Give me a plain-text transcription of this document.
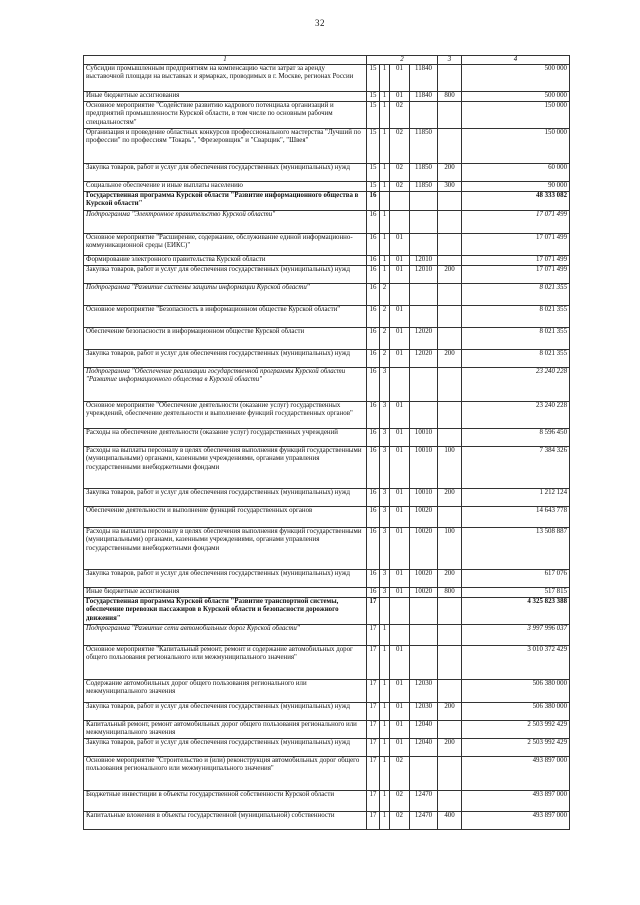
32
1	2				3	4
Субсидии промышленным предприятиям на компенсацию части затрат за аренду выставочной площади на выставках и ярмарках, проводимых в г. Москве, регионах России	15	1	01	11840		500 000
Иные бюджетные ассигнования	15	1	01	11840	800	500 000
Основное мероприятие "Содействие развитию кадрового потенциала организаций и предприятий промышленности Курской области, в том числе по основным рабочим специальностям"	15	1	02			150 000
Организация и проведение областных конкурсов профессионального мастерства "Лучший по профессии" по профессиям "Токарь", "Фрезеровщик" и "Сварщик", "Швея"	15	1	02	11850		150 000
Закупка товаров, работ и услуг для обеспечения государственных (муниципальных) нужд	15	1	02	11850	200	60 000
Социальное обеспечение и иные выплаты населению	15	1	02	11850	300	90 000
Государственная программа Курской области "Развитие информационного общества в Курской области"	16					48 333 082
Подпрограмма "Электронное правительство Курской области"	16	1				17 071 499
Основное мероприятие "Расширение, содержание, обслуживание единой информационно-коммуникационной среды (ЕИКС)"	16	1	01			17 071 499
Формирование электронного правительства Курской области	16	1	01	12010		17 071 499
Закупка товаров, работ и услуг для обеспечения государственных (муниципальных) нужд	16	1	01	12010	200	17 071 499
Подпрограмма "Развитие системы защиты информации Курской области"	16	2				8 021 355
Основное мероприятие "Безопасность в информационном обществе Курской области"	16	2	01			8 021 355
Обеспечение безопасности в информационном обществе Курской области	16	2	01	12020		8 021 355
Закупка товаров, работ и услуг для обеспечения государственных (муниципальных) нужд	16	2	01	12020	200	8 021 355
Подпрограмма "Обеспечение реализации государственной программы Курской области "Развитие информационного общества в Курской области"	16	3				23 240 228
Основное мероприятие "Обеспечение деятельности (оказание услуг) государственных учреждений, обеспечение деятельности и выполнение функций государственных органов"	16	3	01			23 240 228
Расходы на обеспечение деятельности (оказание услуг) государственных учреждений	16	3	01	10010		8 596 450
Расходы на выплаты персоналу в целях обеспечения выполнения функций государственными (муниципальными) органами, казенными учреждениями, органами управления государственными внебюджетными фондами	16	3	01	10010	100	7 384 326
Закупка товаров, работ и услуг для обеспечения государственных (муниципальных) нужд	16	3	01	10010	200	1 212 124
Обеспечение деятельности и выполнение функций государственных органов	16	3	01	10020		14 643 778
Расходы на выплаты персоналу в целях обеспечения выполнения функций государственными (муниципальными) органами, казенными учреждениями, органами управления государственными внебюджетными фондами	16	3	01	10020	100	13 508 887
Закупка товаров, работ и услуг для обеспечения государственных (муниципальных) нужд	16	3	01	10020	200	617 076
Иные бюджетные ассигнования	16	3	01	10020	800	517 815
Государственная программа Курской области "Развитие транспортной системы, обеспечение перевозки пассажиров в Курской области и безопасности дорожного движения"	17					4 325 823 388
Подпрограмма "Развитие сети автомобильных дорог Курской области"	17	1				3 997 996 037
Основное мероприятие "Капитальный ремонт, ремонт и содержание автомобильных дорог общего пользования регионального или межмуниципального значения"	17	1	01			3 010 372 429
Содержание автомобильных дорог общего пользования регионального или межмуниципального значения	17	1	01	12030		506 380 000
Закупка товаров, работ и услуг для обеспечения государственных (муниципальных) нужд	17	1	01	12030	200	506 380 000
Капитальный ремонт, ремонт автомобильных дорог общего пользования регионального или межмуниципального значения	17	1	01	12040		2 503 992 429
Закупка товаров, работ и услуг для обеспечения государственных (муниципальных) нужд	17	1	01	12040	200	2 503 992 429
Основное мероприятие "Строительство и (или) реконструкция автомобильных дорог общего пользования регионального или межмуниципального значения"	17	1	02			493 897 000
Бюджетные инвестиции в объекты государственной собственности Курской области	17	1	02	12470		493 897 000
Капитальные вложения в объекты государственной (муниципальной) собственности	17	1	02	12470	400	493 897 000
